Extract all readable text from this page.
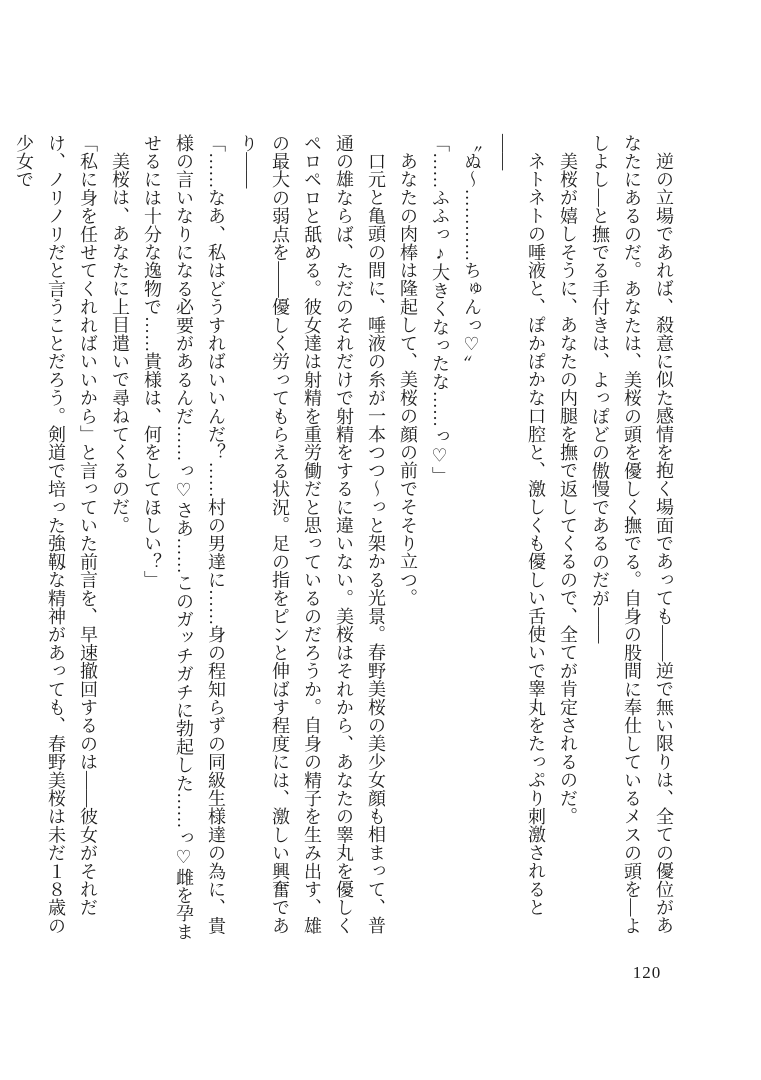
逆の立場であれば、殺意に似た感情を抱く場面であっても――逆で無い限りは、全ての優位があなたにあるのだ。あなたは、美桜の頭を優しく撫でる。自身の股間に奉仕しているメスの頭を―よしよし―と撫でる手付きは、よっぽどの傲慢であるのだが――

美桜が嬉しそうに、あなたの内腿を撫で返してくるので、全てが肯定されるのだ。

ネトネトの唾液と、ぽかぽかな口腔と、激しくも優しい舌使いで睾丸をたっぷり刺激されると――

〝ぬ～…………ちゅんっ♡〟

「……ふふっ♪大きくなったな……っ♡」

あなたの肉棒は隆起して、美桜の顔の前でそそり立つ。

口元と亀頭の間に、唾液の糸が一本つつ～っと架かる光景。春野美桜の美少女顔も相まって、普通の雄ならば、ただのそれだけで射精をするに違いない。美桜はそれから、あなたの睾丸を優しくペロペロと舐める。彼女達は射精を重労働だと思っているのだろうか。自身の精子を生み出す、雄の最大の弱点を――優しく労ってもらえる状況。足の指をピンと伸ばす程度には、激しい興奮であり――

「……なあ、私はどうすればいいんだ？……村の男達に……身の程知らずの同級生様達の為に、貴様の言いなりになる必要があるんだ……っ♡さあ……このガッチガチに勃起した……っ♡雌を孕ませるには十分な逸物で……貴様は、何をしてほしい？」

美桜は、あなたに上目遣いで尋ねてくるのだ。

「私に身を任せてくれればいいから」と言っていた前言を、早速撤回するのは――彼女がそれだけ、ノリノリだと言うことだろう。剣道で培った強靱な精神があっても、春野美桜は未だ１８歳の少女で

120
